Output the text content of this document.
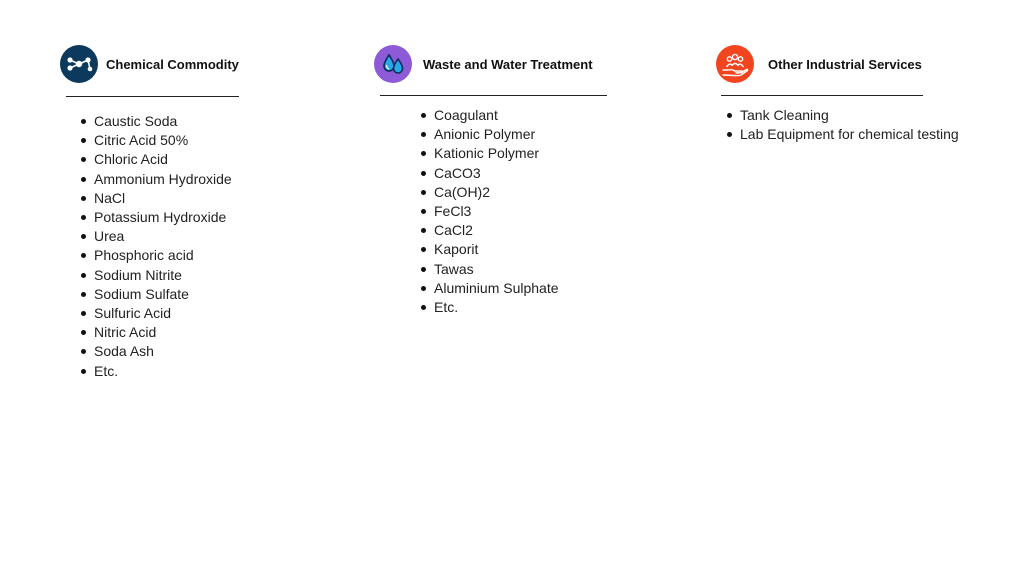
Chemical Commodity
Caustic Soda
Citric Acid 50%
Chloric Acid
Ammonium Hydroxide
NaCl
Potassium Hydroxide
Urea
Phosphoric acid
Sodium Nitrite
Sodium Sulfate
Sulfuric Acid
Nitric Acid
Soda Ash
Etc.
Waste and Water Treatment
Coagulant
Anionic Polymer
Kationic Polymer
CaCO3
Ca(OH)2
FeCl3
CaCl2
Kaporit
Tawas
Aluminium Sulphate
Etc.
Other Industrial Services
Tank Cleaning
Lab Equipment for chemical testing
